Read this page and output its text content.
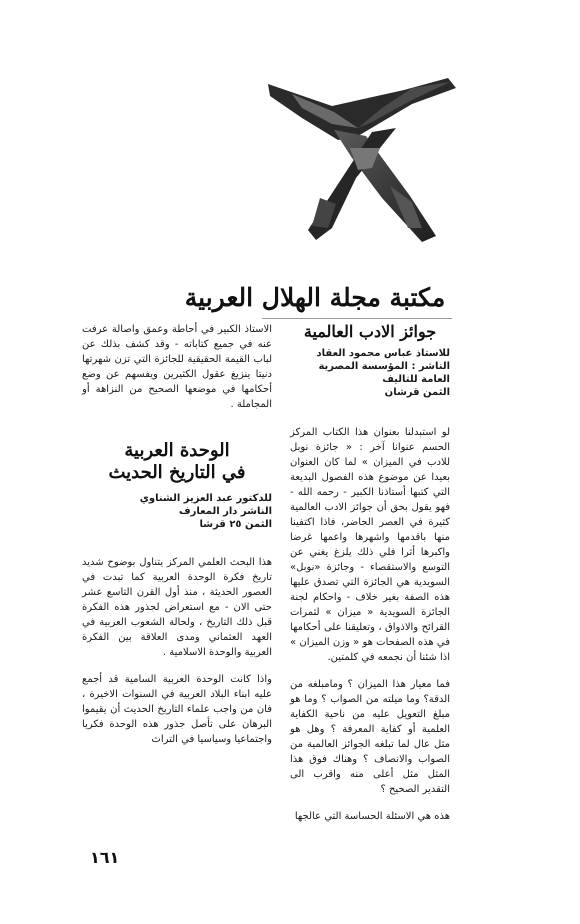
مكتبة مجلة الهلال العربية
جوائز الادب العالمية
للاستاذ عباس محمود العقاد
الناشر : المؤسسة المصرية العامة للتاليف
الثمن قرشان

لو استبدلنا بعنوان هذا الكتاب المركز الحسم عنوانا آخر : « جائزة نوبل للادب في الميزان » لما كان العنوان بعيدا عن موضوع هذه الفصول البديعة التي كتبها أستاذنا الكبير - رحمه الله - فهو يقول بحق أن جوائز الادب العالمية كثيرة في العصر الحاضر، فاذا اكتفينا منها باقدمها واشهرها واعمها غرضا واكبرها أثرا فلي ذلك يلزغ يغني عن التوسع والاستقصاء - وجائزة «نوبل» السويدية هي الجائزة التي تصدق عليها هذه الصفة بغير خلاف - واحكام لجنة الجائزة السويدية « ميزان » لثمرات القرائح والاذواق ، وتعليقنا على أحكامها في هذه الصفحات هو « وزن الميزان » اذا شئنا أن نجمعه في كلمتين.

فما معيار هذا الميزان ؟ ومامبلغه من الدقة؟ وما ميلته من الصواب ؟ وما هو مبلغ التعويل عليه من ناحية الكفاية العلمية أو كفاية المعرفة ؟ وهل هو مثل عال لما تبلغه الجوائز العالمية من الصواب والانصاف ؟ وهناك فوق هذا المثل مثل أعلى منه واقرب الى التقدير الصحيح ؟

هذه هي الاسئلة الحساسة التي عالجها

الاستاذ الكبير في أحاطة وعمق واصالة عرفت عنه في جميع كتاباته - وقد كشف بذلك عن لباب القيمة الحقيقية للجائزة التي تزن شهرتها دنيتا ينزيغ عقول الكثيرين ويفسهم عن وضع أحكامها في موضعها الصحيح من النزاهة أو المجاملة .

الوحدة العربية
في التاريخ الحديث
للدكتور عبد العزيز الشناوي
الناشر دار المعارف
الثمن ٢٥ قرشا

هذا البحث العلمي المركز يتناول بوضوح شديد تاريخ فكرة الوحدة العربية كما تبدت في العصور الحديثة ، منذ أول القرن التاسع عشر حتى الان - مع استعراض لجذور هذه الفكرة قبل ذلك التاريخ ، ولحالة الشعوب العربية في العهد العثماني ومدى العلاقة بين الفكرة العربية والوحدة الاسلامية .

واذا كانت الوحدة العربية السامية قد أجمع عليه ابناء البلاد العربية في السنوات الاخيرة ، فان من واجب علماء التاريخ الحديث أن يقيموا البرهان على تأصل جذور هذه الوحدة فكريا واجتماعيا وسياسيا في التراث

١٦١
